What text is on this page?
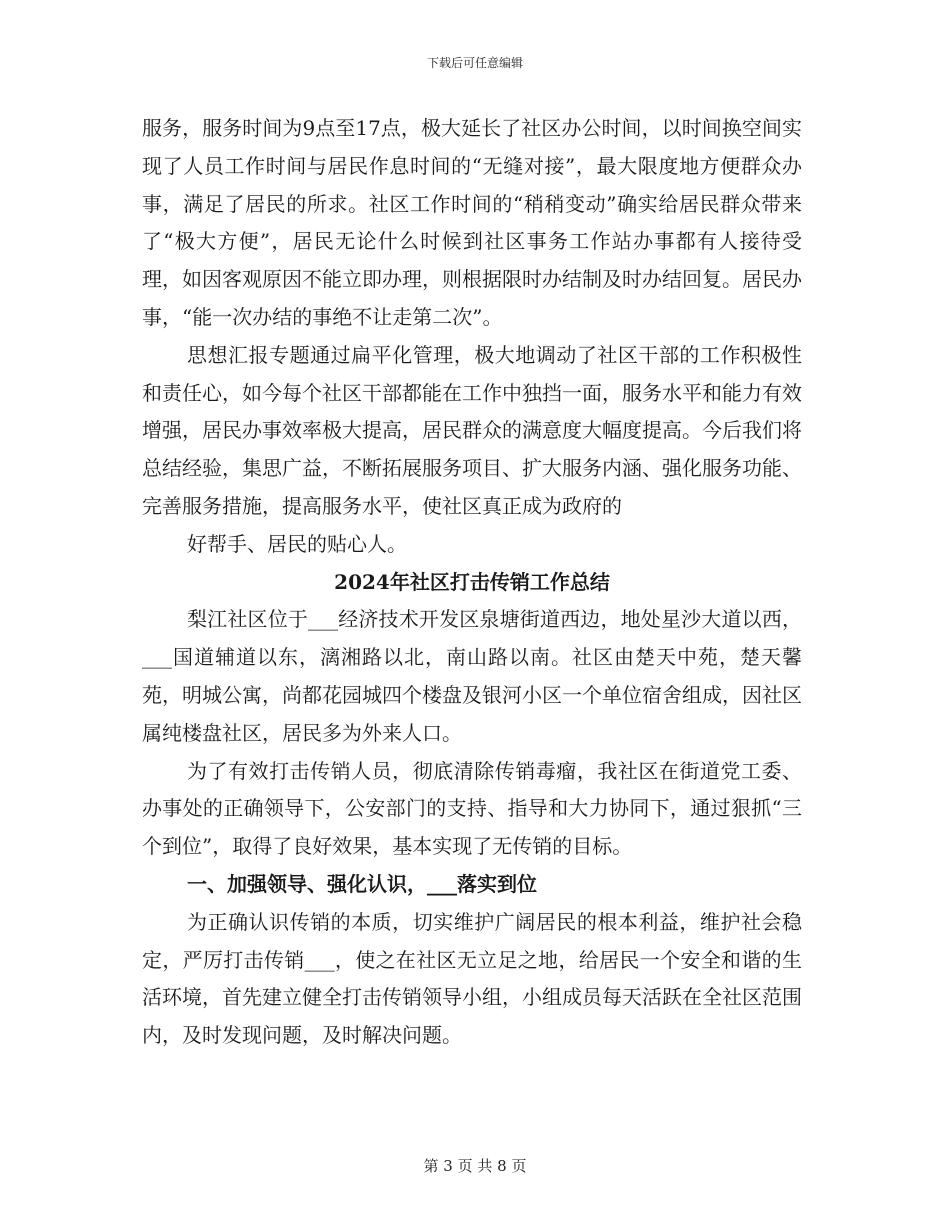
下载后可任意编辑

服务，服务时间为9点至17点，极大延长了社区办公时间，以时间换空间实现了人员工作时间与居民作息时间的“无缝对接”，最大限度地方便群众办事，满足了居民的所求。社区工作时间的“稍稍变动”确实给居民群众带来了“极大方便”，居民无论什么时候到社区事务工作站办事都有人接待受理，如因客观原因不能立即办理，则根据限时办结制及时办结回复。居民办事，“能一次办结的事绝不让走第二次”。

思想汇报专题通过扁平化管理，极大地调动了社区干部的工作积极性和责任心，如今每个社区干部都能在工作中独挡一面，服务水平和能力有效增强，居民办事效率极大提高，居民群众的满意度大幅度提高。今后我们将总结经验，集思广益，不断拓展服务项目、扩大服务内涵、强化服务功能、完善服务措施，提高服务水平，使社区真正成为政府的

好帮手、居民的贴心人。

2024年社区打击传销工作总结

梨江社区位于___经济技术开发区泉塘街道西边，地处星沙大道以西，___国道辅道以东，漓湘路以北，南山路以南。社区由楚天中苑，楚天馨苑，明城公寓，尚都花园城四个楼盘及银河小区一个单位宿舍组成，因社区属纯楼盘社区，居民多为外来人口。

为了有效打击传销人员，彻底清除传销毒瘤，我社区在街道党工委、办事处的正确领导下，公安部门的支持、指导和大力协同下，通过狠抓“三个到位”，取得了良好效果，基本实现了无传销的目标。

一、加强领导、强化认识，___落实到位

为正确认识传销的本质，切实维护广阔居民的根本利益，维护社会稳定，严厉打击传销___，使之在社区无立足之地，给居民一个安全和谐的生活环境，首先建立健全打击传销领导小组，小组成员每天活跃在全社区范围内，及时发现问题，及时解决问题。

第 3 页 共 8 页
